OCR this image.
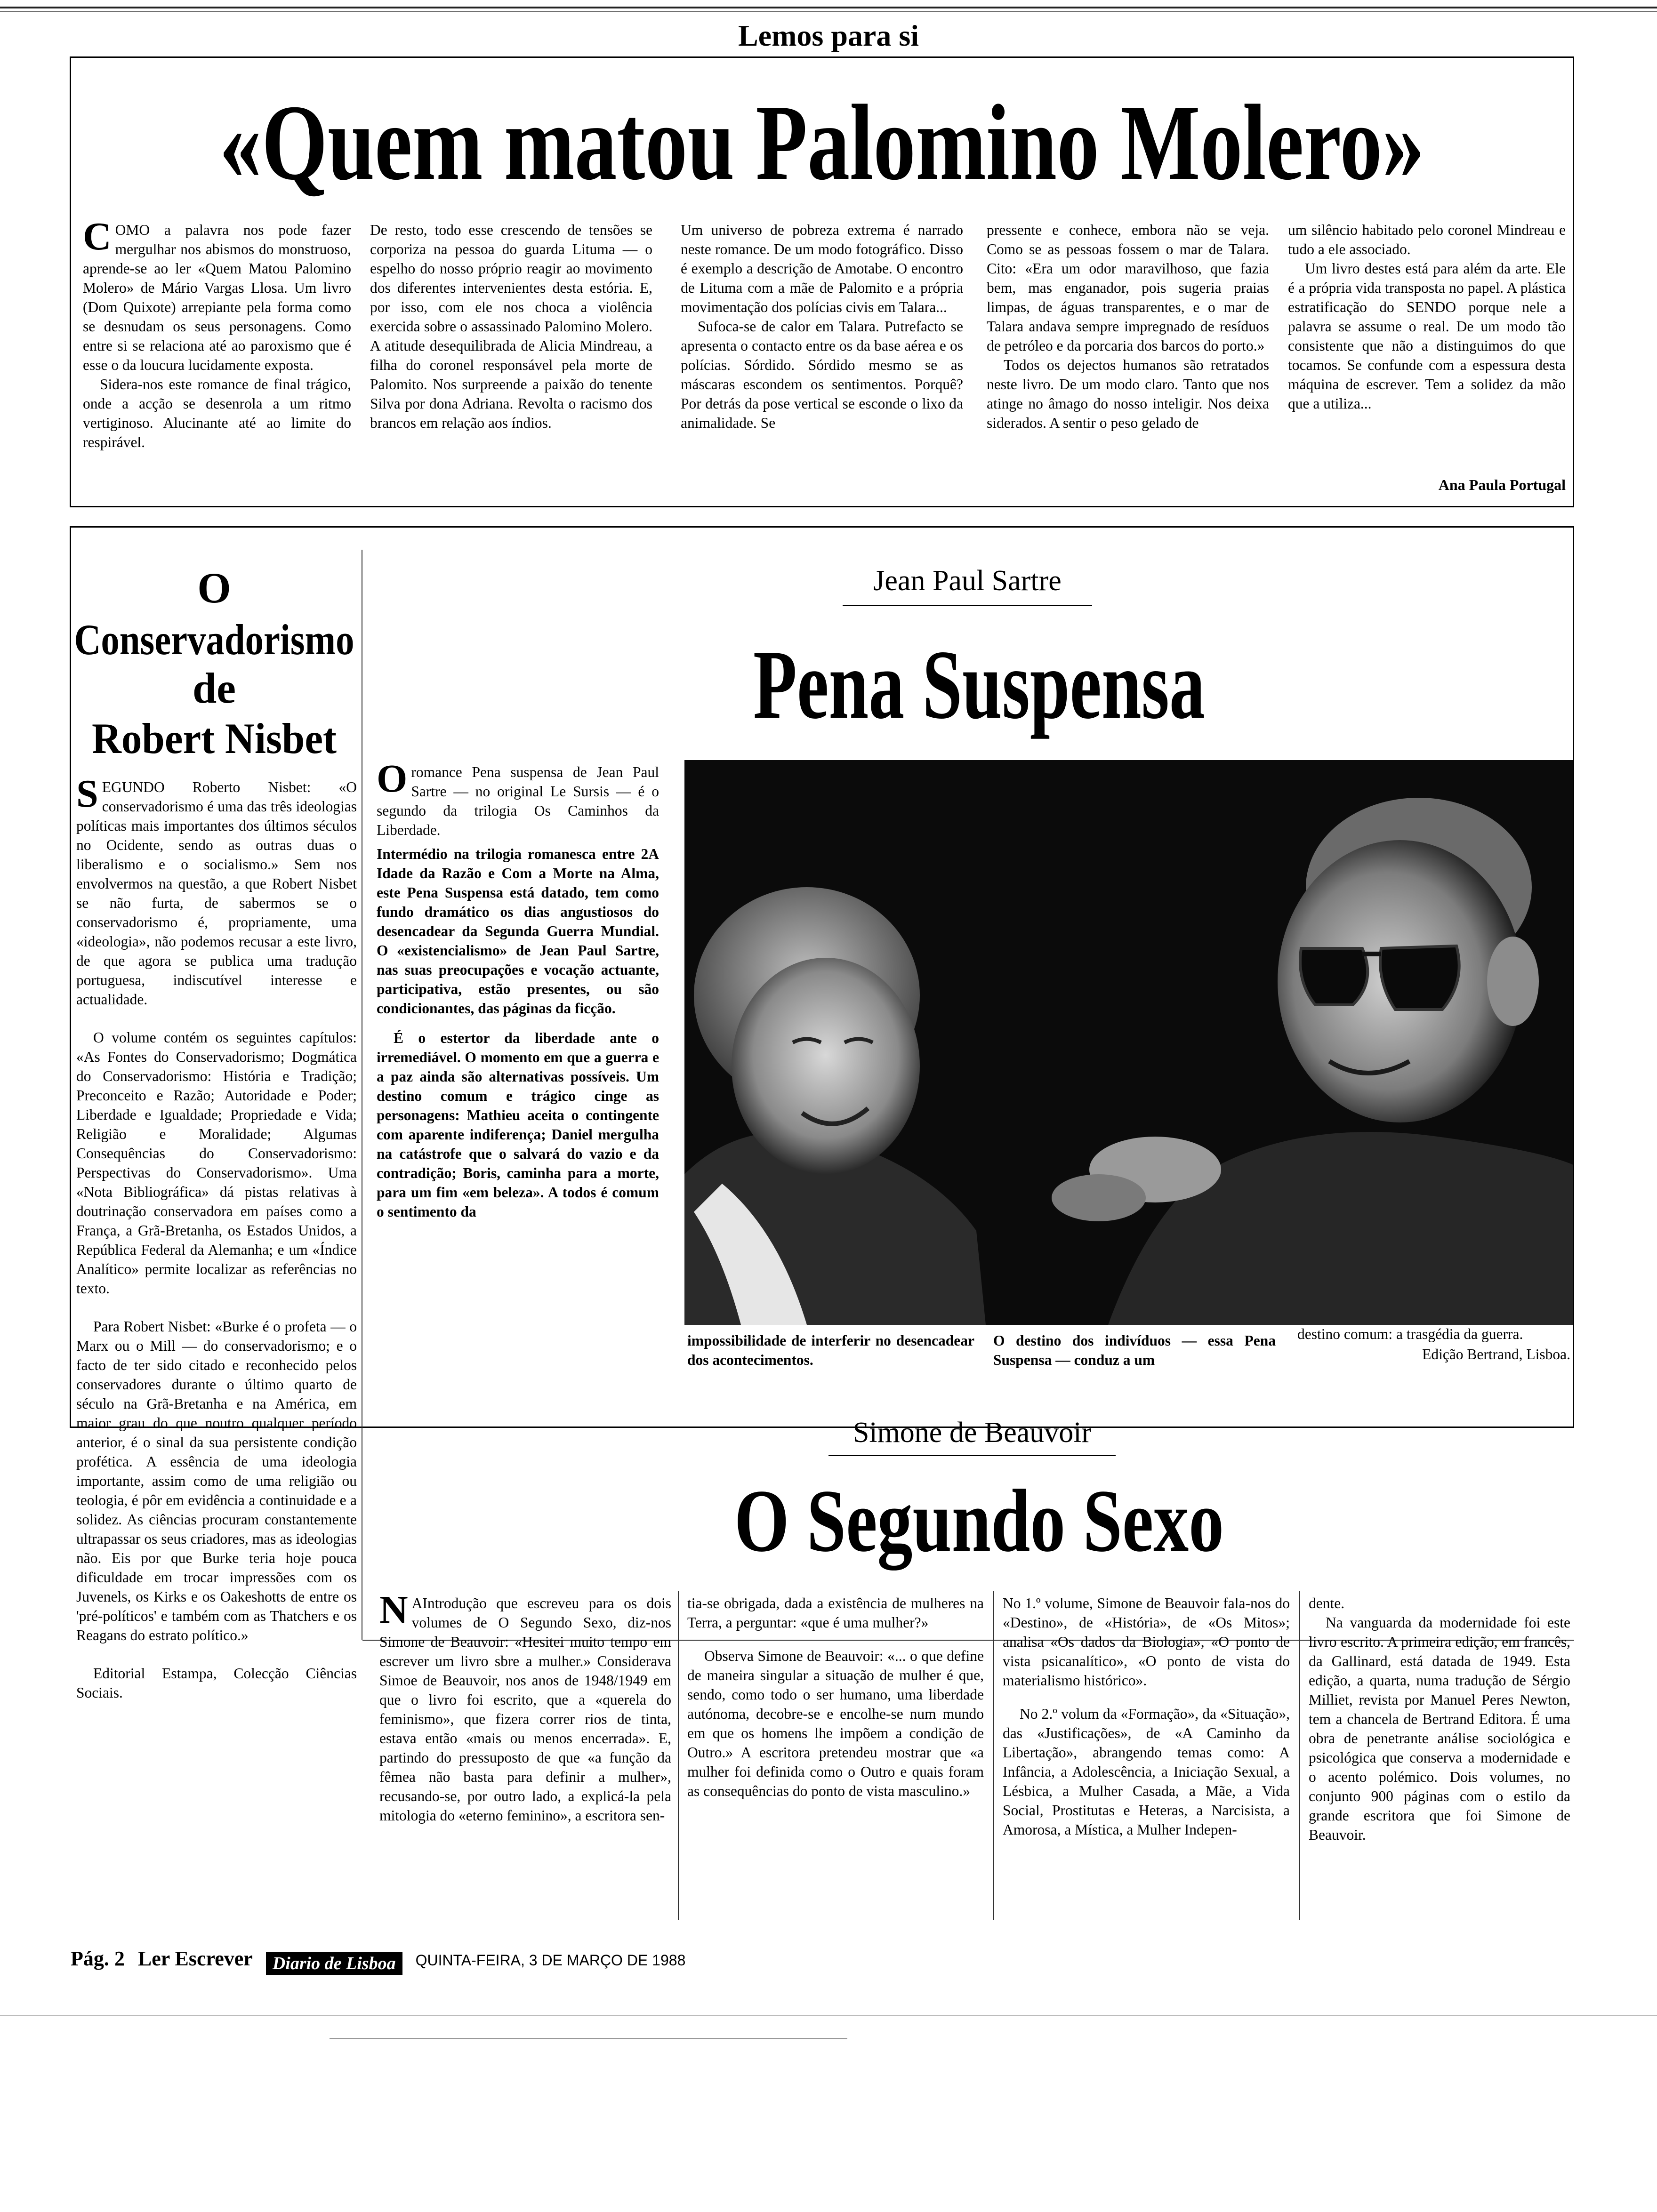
Lemos para si
«Quem matou Palomino Molero»

COMO a palavra nos pode fazer mergulhar nos abismos do monstruoso, aprende-se ao ler «Quem Matou Palomino Molero» de Mário Vargas Llosa. Um livro (Dom Quixote) arrepiante pela forma como se desnudam os seus personagens. Como entre si se relaciona até ao paroxismo que é esse o da loucura lucidamente exposta.

Sidera-nos este romance de final trágico, onde a acção se desenrola a um ritmo vertiginoso. Alucinante até ao limite do respirável.

De resto, todo esse crescendo de tensões se corporiza na pessoa do guarda Lituma — o espelho do nosso próprio reagir ao movimento dos diferentes intervenientes desta estória. E, por isso, com ele nos choca a violência exercida sobre o assassinado Palomino Molero. A atitude desequilibrada de Alicia Mindreau, a filha do coronel responsável pela morte de Palomito. Nos surpreende a paixão do tenente Silva por dona Adriana. Revolta o racismo dos brancos em relação aos índios.

Um universo de pobreza extrema é narrado neste romance. De um modo fotográfico. Disso é exemplo a descrição de Amotabe. O encontro de Lituma com a mãe de Palomito e a própria movimentação dos polícias civis em Talara...

Sufoca-se de calor em Talara. Putrefacto se apresenta o contacto entre os da base aérea e os polícias. Sórdido. Sórdido mesmo se as máscaras escondem os sentimentos. Porquê? Por detrás da pose vertical se esconde o lixo da animalidade. Se

pressente e conhece, embora não se veja. Como se as pessoas fossem o mar de Talara. Cito: «Era um odor maravilhoso, que fazia bem, mas enganador, pois sugeria praias limpas, de águas transparentes, e o mar de Talara andava sempre impregnado de resíduos de petróleo e da porcaria dos barcos do porto.»

Todos os dejectos humanos são retratados neste livro. De um modo claro. Tanto que nos atinge no âmago do nosso inteligir. Nos deixa siderados. A sentir o peso gelado de

um silêncio habitado pelo coronel Mindreau e tudo a ele associado.

Um livro destes está para além da arte. Ele é a própria vida transposta no papel. A plástica estratificação do SENDO porque nele a palavra se assume o real. De um modo tão consistente que não a distinguimos do que tocamos. Se confunde com a espessura desta máquina de escrever. Tem a solidez da mão que a utiliza...

Ana Paula Portugal
O
Conservadorismo
de
Robert Nisbet

SEGUNDO Roberto Nisbet: «O conservadorismo é uma das três ideologias políticas mais importantes dos últimos séculos no Ocidente, sendo as outras duas o liberalismo e o socialismo.» Sem nos envolvermos na questão, a que Robert Nisbet se não furta, de sabermos se o conservadorismo é, propriamente, uma «ideologia», não podemos recusar a este livro, de que agora se publica uma tradução portuguesa, indiscutível interesse e actualidade.

O volume contém os seguintes capítulos: «As Fontes do Conservadorismo; Dogmática do Conservadorismo: História e Tradição; Preconceito e Razão; Autoridade e Poder; Liberdade e Igualdade; Propriedade e Vida; Religião e Moralidade; Algumas Consequências do Conservadorismo: Perspectivas do Conservadorismo». Uma «Nota Bibliográfica» dá pistas relativas à doutrinação conservadora em países como a França, a Grã-Bretanha, os Estados Unidos, a República Federal da Alemanha; e um «Índice Analítico» permite localizar as referências no texto.

Para Robert Nisbet: «Burke é o profeta — o Marx ou o Mill — do conservadorismo; e o facto de ter sido citado e reconhecido pelos conservadores durante o último quarto de século na Grã-Bretanha e na América, em maior grau do que noutro qualquer período anterior, é o sinal da sua persistente condição profética. A essência de uma ideologia importante, assim como de uma religião ou teologia, é pôr em evidência a continuidade e a solidez. As ciências procuram constantemente ultrapassar os seus criadores, mas as ideologias não. Eis por que Burke teria hoje pouca dificuldade em trocar impressões com os Juvenels, os Kirks e os Oakeshotts de entre os 'pré-políticos' e também com as Thatchers e os Reagans do estrato político.»

Editorial Estampa, Colecção Ciências Sociais.

Jean Paul Sartre
Pena Suspensa

Oromance Pena suspensa de Jean Paul Sartre — no original Le Sursis — é o segundo da trilogia Os Caminhos da Liberdade.

Intermédio na trilogia romanesca entre 2A Idade da Razão e Com a Morte na Alma, este Pena Suspensa está datado, tem como fundo dramático os dias angustiosos do desencadear da Segunda Guerra Mundial. O «existencialismo» de Jean Paul Sartre, nas suas preocupações e vocação actuante, participativa, estão presentes, ou são condicionantes, das páginas da ficção.

É o estertor da liberdade ante o irremediável. O momento em que a guerra e a paz ainda são alternativas possíveis. Um destino comum e trágico cinge as personagens: Mathieu aceita o contingente com aparente indiferença; Daniel mergulha na catástrofe que o salvará do vazio e da contradição; Boris, caminha para a morte, para um fim «em beleza». A todos é comum o sentimento da

impossibilidade de interferir no desencadear dos acontecimentos.
O destino dos indivíduos — essa Pena Suspensa — conduz a um
destino comum: a trasgédia da guerra.
Edição Bertrand, Lisboa.
Simone de Beauvoir
O Segundo Sexo

N AIntrodução que escreveu para os dois volumes de O Segundo Sexo, diz-nos Simone de Beauvoir: «Hesitei muito tempo em escrever um livro sbre a mulher.» Considerava Simoe de Beauvoir, nos anos de 1948/1949 em que o livro foi escrito, que a «querela do feminismo», que fizera correr rios de tinta, estava então «mais ou menos encerrada». E, partindo do pressuposto de que «a função da fêmea não basta para definir a mulher», recusando-se, por outro lado, a explicá-la pela mitologia do «eterno feminino», a escritora sen-

tia-se obrigada, dada a existência de mulheres na Terra, a perguntar: «que é uma mulher?»

Observa Simone de Beauvoir: «... o que define de maneira singular a situação de mulher é que, sendo, como todo o ser humano, uma liberdade autónoma, decobre-se e encolhe-se num mundo em que os homens lhe impõem a condição de Outro.» A escritora pretendeu mostrar que «a mulher foi definida como o Outro e quais foram as consequências do ponto de vista masculino.»

No 1.º volume, Simone de Beauvoir fala-nos do «Destino», de «História», de «Os Mitos»; analisa «Os dados da Biologia», «O ponto de vista psicanalítico», «O ponto de vista do materialismo histórico».

No 2.º volum da «Formação», da «Situação», das «Justificações», de «A Caminho da Libertação», abrangendo temas como: A Infância, a Adolescência, a Iniciação Sexual, a Lésbica, a Mulher Casada, a Mãe, a Vida Social, Prostitutas e Heteras, a Narcisista, a Amorosa, a Mística, a Mulher Indepen-

dente.

Na vanguarda da modernidade foi este livro escrito. A primeira edição, em francês, da Gallinard, está datada de 1949. Esta edição, a quarta, numa tradução de Sérgio Milliet, revista por Manuel Peres Newton, tem a chancela de Bertrand Editora. É uma obra de penetrante análise sociológica e psicológica que conserva a modernidade e o acento polémico. Dois volumes, no conjunto 900 páginas com o estilo da grande escritora que foi Simone de Beauvoir.

Pág. 2 Ler Escrever Diario de Lisboa QUINTA-FEIRA, 3 DE MARÇO DE 1988
